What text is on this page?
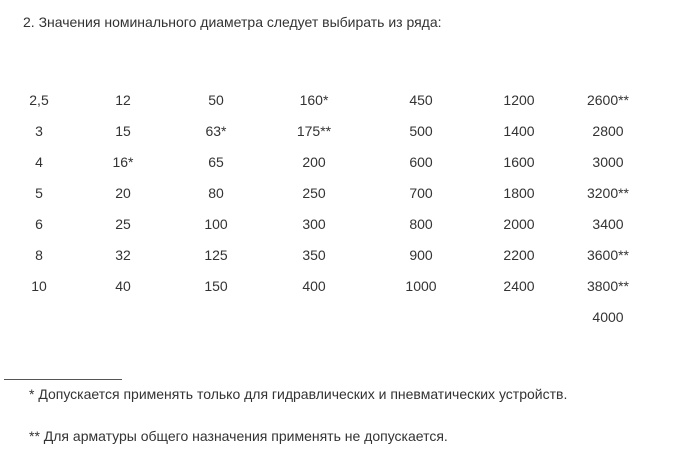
2. Значения номинального диаметра следует выбирать из ряда:

2,5
3
4
5
6
8
10
12
15
16*
20
25
32
40
50
63*
65
80
100
125
150
160*
175**
200
250
300
350
400
450
500
600
700
800
900
1000
1200
1400
1600
1800
2000
2200
2400
2600**
2800
3000
3200**
3400
3600**
3800**
4000

* Допускается применять только для гидравлических и пневматических устройств.

** Для арматуры общего назначения применять не допускается.
